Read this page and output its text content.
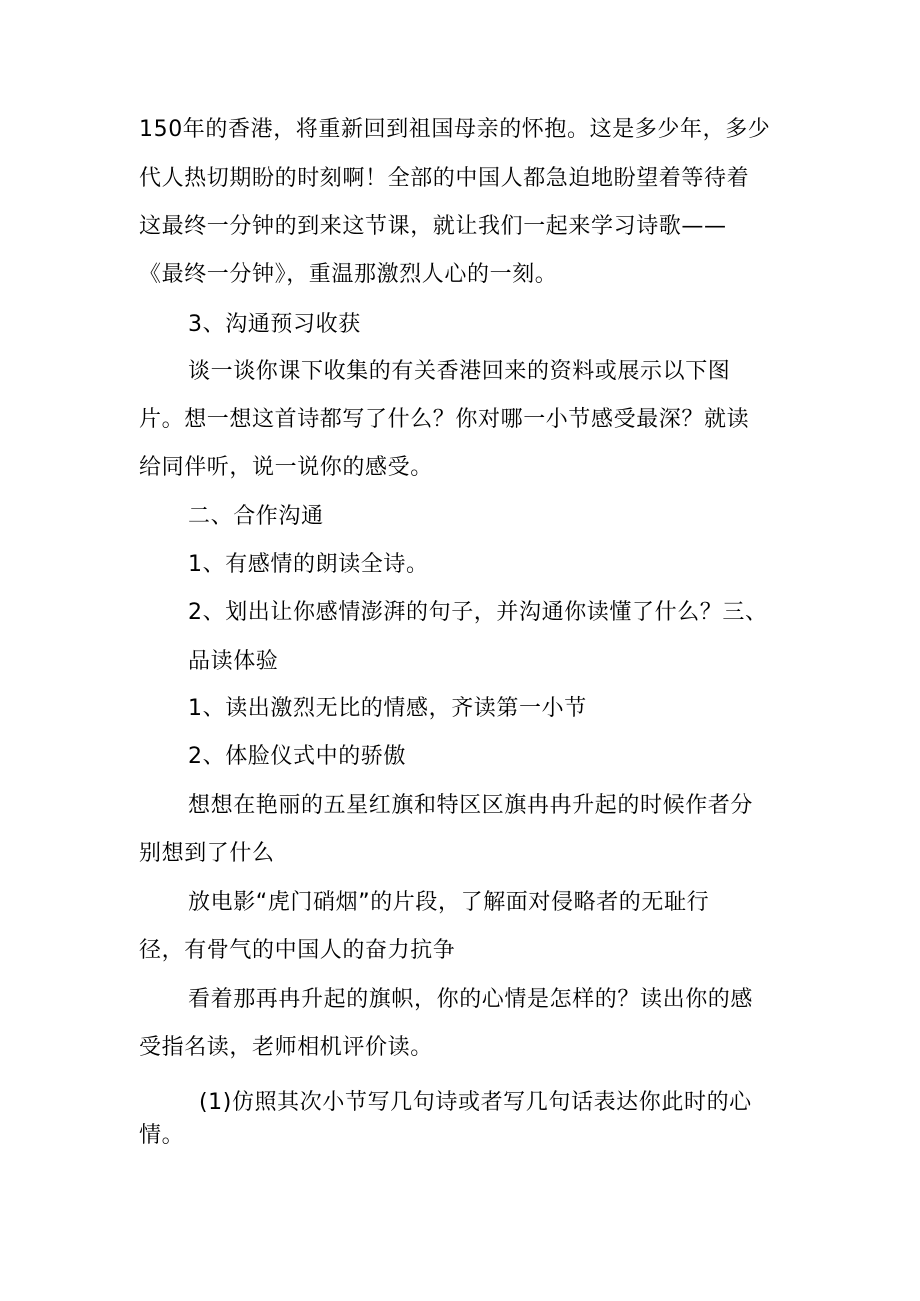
150年的香港，将重新回到祖国母亲的怀抱。这是多少年，多少
代人热切期盼的时刻啊！全部的中国人都急迫地盼望着等待着
这最终一分钟的到来这节课，就让我们一起来学习诗歌——
《最终一分钟》，重温那激烈人心的一刻。
3、沟通预习收获
谈一谈你课下收集的有关香港回来的资料或展示以下图
片。想一想这首诗都写了什么？你对哪一小节感受最深？就读
给同伴听，说一说你的感受。
二、合作沟通
1、有感情的朗读全诗。
2、划出让你感情澎湃的句子，并沟通你读懂了什么？三、
品读体验
1、读出激烈无比的情感，齐读第一小节
2、体脸仪式中的骄傲
想想在艳丽的五星红旗和特区区旗冉冉升起的时候作者分
别想到了什么
放电影“虎门硝烟”的片段，了解面对侵略者的无耻行
径，有骨气的中国人的奋力抗争
看着那再冉升起的旗帜，你的心情是怎样的？读出你的感
受指名读，老师相机评价读。
(1)仿照其次小节写几句诗或者写几句话表达你此时的心
情。
